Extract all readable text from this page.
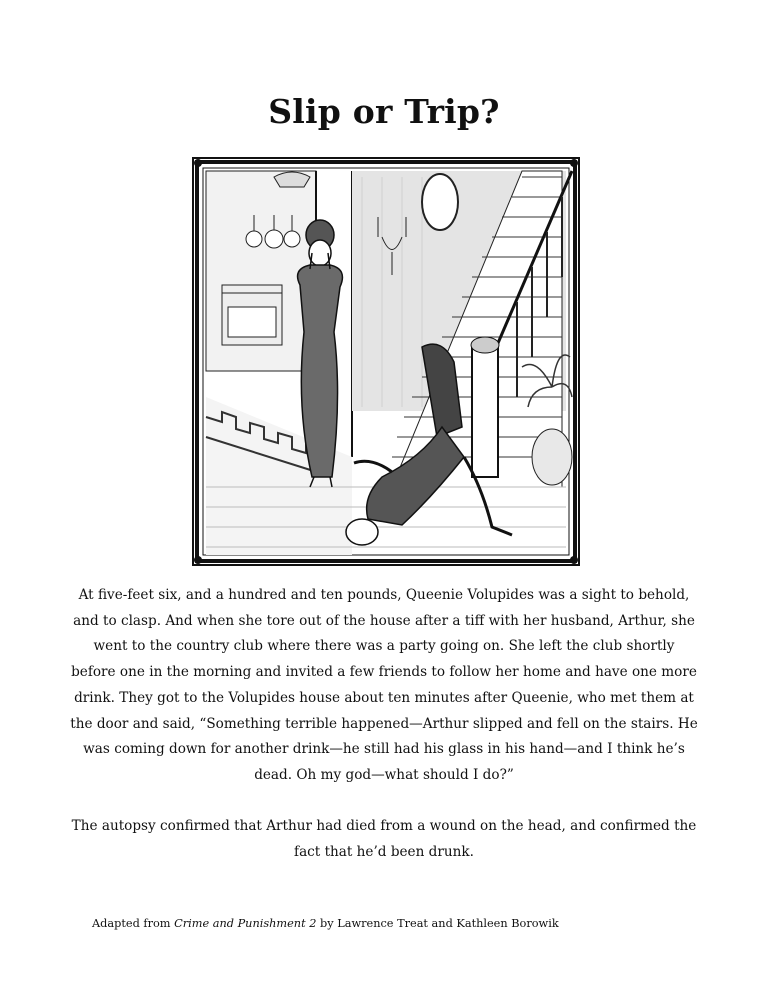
Slip or Trip?

At five-feet six, and a hundred and ten pounds, Queenie Volupides was a sight to behold, and to clasp. And when she tore out of the house after a tiff with her husband, Arthur, she went to the country club where there was a party going on. She left the club shortly before one in the morning and invited a few friends to follow her home and have one more drink. They got to the Volupides house about ten minutes after Queenie, who met them at the door and said, “Something terrible happened—Arthur slipped and fell on the stairs. He was coming down for another drink—he still had his glass in his hand—and I think he’s dead. Oh my god—what should I do?”

The autopsy confirmed that Arthur had died from a wound on the head, and confirmed the fact that he’d been drunk.

Adapted from Crime and Punishment 2 by Lawrence Treat and Kathleen Borowik
